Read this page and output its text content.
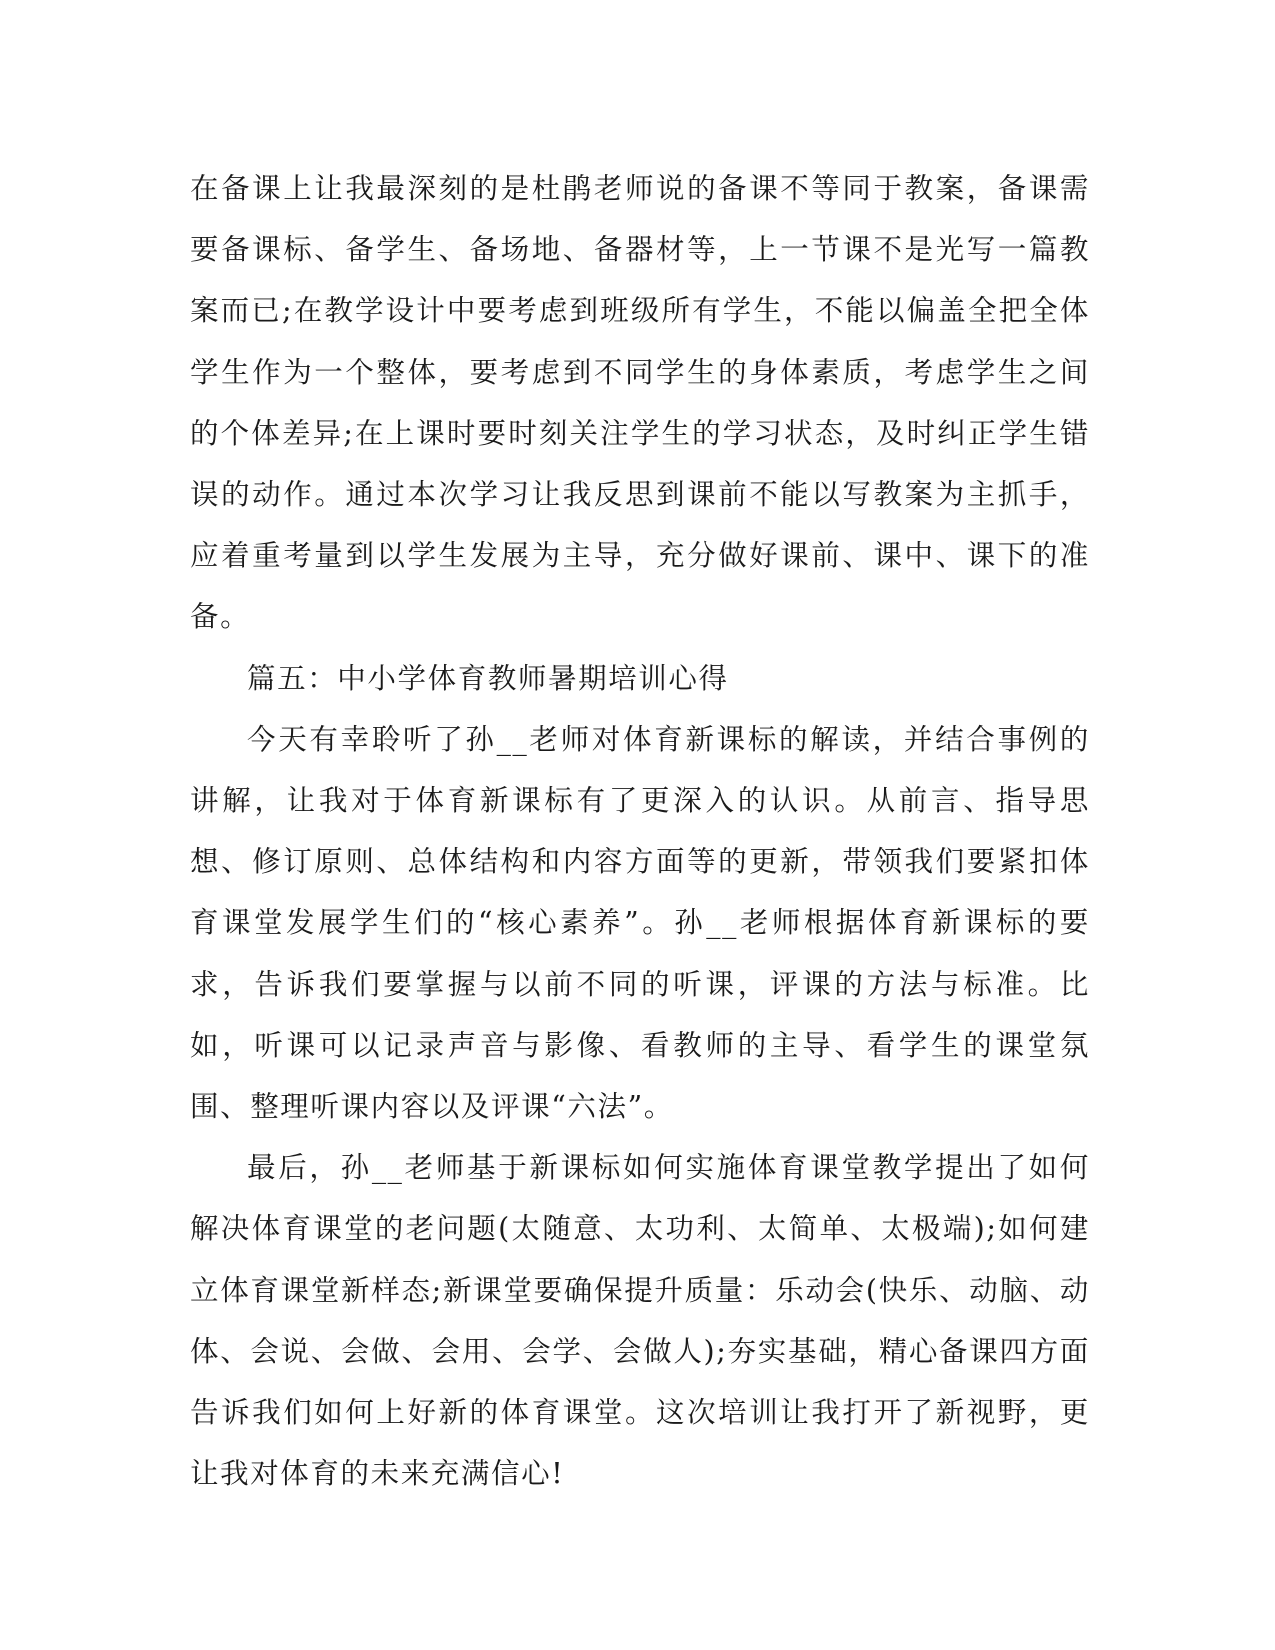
在备课上让我最深刻的是杜鹃老师说的备课不等同于教案，备课需要备课标、备学生、备场地、备器材等，上一节课不是光写一篇教案而已;在教学设计中要考虑到班级所有学生，不能以偏盖全把全体学生作为一个整体，要考虑到不同学生的身体素质，考虑学生之间的个体差异;在上课时要时刻关注学生的学习状态，及时纠正学生错误的动作。通过本次学习让我反思到课前不能以写教案为主抓手，应着重考量到以学生发展为主导，充分做好课前、课中、课下的准备。

篇五：中小学体育教师暑期培训心得

今天有幸聆听了孙__老师对体育新课标的解读，并结合事例的讲解，让我对于体育新课标有了更深入的认识。从前言、指导思想、修订原则、总体结构和内容方面等的更新，带领我们要紧扣体育课堂发展学生们的“核心素养”。孙__老师根据体育新课标的要求，告诉我们要掌握与以前不同的听课，评课的方法与标准。比如，听课可以记录声音与影像、看教师的主导、看学生的课堂氛围、整理听课内容以及评课“六法”。

最后，孙__老师基于新课标如何实施体育课堂教学提出了如何解决体育课堂的老问题(太随意、太功利、太简单、太极端);如何建立体育课堂新样态;新课堂要确保提升质量：乐动会(快乐、动脑、动体、会说、会做、会用、会学、会做人);夯实基础，精心备课四方面告诉我们如何上好新的体育课堂。这次培训让我打开了新视野，更让我对体育的未来充满信心!
